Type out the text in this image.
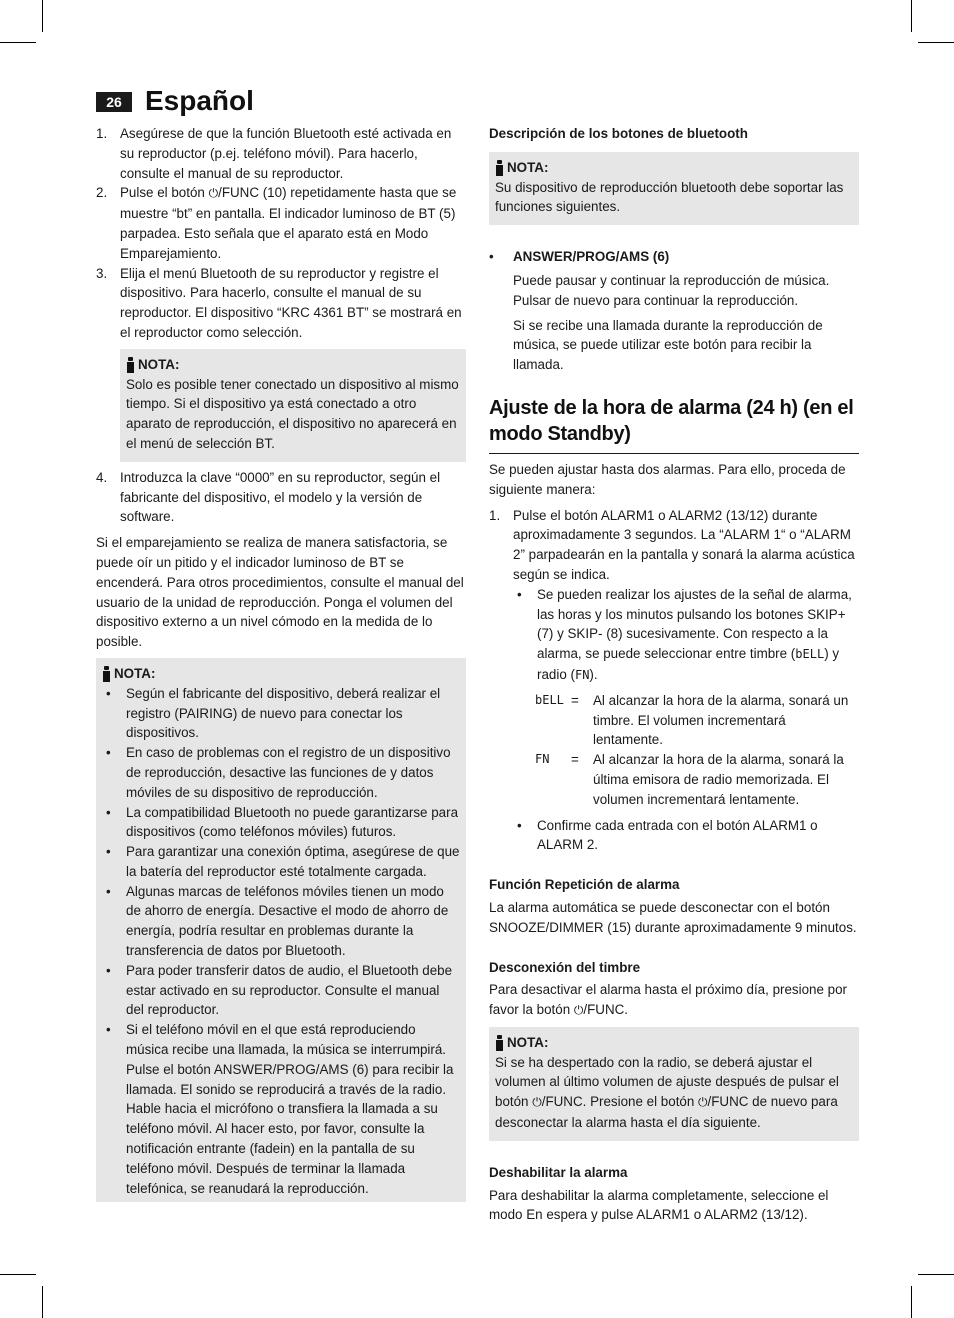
26 Español
1. Asegúrese de que la función Bluetooth esté activada en su reproductor (p.ej. teléfono móvil). Para hacerlo, consulte el manual de su reproductor.
2. Pulse el botón ⏻/FUNC (10) repetidamente hasta que se muestre “bt” en pantalla. El indicador luminoso de BT (5) parpadea. Esto señala que el aparato está en Modo Emparejamiento.
3. Elija el menú Bluetooth de su reproductor y registre el dispositivo. Para hacerlo, consulte el manual de su reproductor. El dispositivo “KRC 4361 BT” se mostrará en el reproductor como selección.
NOTA:

Solo es posible tener conectado un dispositivo al mismo tiempo. Si el dispositivo ya está conectado a otro aparato de reproducción, el dispositivo no aparecerá en el menú de selección BT.

4. Introduzca la clave “0000” en su reproductor, según el fabricante del dispositivo, el modelo y la versión de software.

Si el emparejamiento se realiza de manera satisfactoria, se puede oír un pitido y el indicador luminoso de BT se encenderá. Para otros procedimientos, consulte el manual del usuario de la unidad de reproducción. Ponga el volumen del dispositivo externo a un nivel cómodo en la medida de lo posible.

NOTA:
•	Según el fabricante del dispositivo, deberá realizar el registro (PAIRING) de nuevo para conectar los dispositivos.
•	En caso de problemas con el registro de un dispositivo de reproducción, desactive las funciones de y datos móviles de su dispositivo de reproducción.
•	La compatibilidad Bluetooth no puede garantizarse para dispositivos (como teléfonos móviles) futuros.
•	Para garantizar una conexión óptima, asegúrese de que la batería del reproductor esté totalmente cargada.
•	Algunas marcas de teléfonos móviles tienen un modo de ahorro de energía. Desactive el modo de ahorro de energía, podría resultar en problemas durante la transferencia de datos por Bluetooth.
•	Para poder transferir datos de audio, el Bluetooth debe estar activado en su reproductor. Consulte el manual del reproductor.
•	Si el teléfono móvil en el que está reproduciendo música recibe una llamada, la música se interrumpirá. Pulse el botón ANSWER/PROG/AMS (6) para recibir la llamada. El sonido se reproducirá a través de la radio. Hable hacia el micrófono o transfiera la llamada a su teléfono móvil. Al hacer esto, por favor, consulte la notificación entrante (fadein) en la pantalla de su teléfono móvil. Después de terminar la llamada telefónica, se reanudará la reproducción.

Descripción de los botones de bluetooth

NOTA:

Su dispositivo de reproducción bluetooth debe soportar las funciones siguientes.

•	ANSWER/PROG/AMS (6)

Puede pausar y continuar la reproducción de música. Pulsar de nuevo para continuar la reproducción.

Si se recibe una llamada durante la reproducción de música, se puede utilizar este botón para recibir la llamada.

Ajuste de la hora de alarma (24 h) (en el modo Standby)

Se pueden ajustar hasta dos alarmas. Para ello, proceda de siguiente manera:

1. Pulse el botón ALARM1 o ALARM2 (13/12) durante aproximadamente 3 segundos. La “ALARM 1“ o “ALARM 2” parpadearán en la pantalla y sonará la alarma acústica según se indica.
•	Se pueden realizar los ajustes de la señal de alarma, las horas y los minutos pulsando los botones SKIP+ (7) y SKIP- (8) sucesivamente. Con respecto a la alarma, se puede seleccionar entre timbre (bELL) y radio (FN).
bELL =	Al alcanzar la hora de la alarma, sonará un timbre. El volumen incrementará lentamente.
FN	=	Al alcanzar la hora de la alarma, sonará la última emisora de radio memorizada. El volumen incrementará lentamente.
•	Confirme cada entrada con el botón ALARM1 o ALARM 2.

Función Repetición de alarma

La alarma automática se puede desconectar con el botón SNOOZE/DIMMER (15) durante aproximadamente 9 minutos.

Desconexión del timbre

Para desactivar el alarma hasta el próximo día, presione por favor la botón ⏻/FUNC.

NOTA:

Si se ha despertado con la radio, se deberá ajustar el volumen al último volumen de ajuste después de pulsar el botón ⏻/FUNC. Presione el botón ⏻/FUNC de nuevo para desconectar la alarma hasta el día siguiente.

Deshabilitar la alarma

Para deshabilitar la alarma completamente, seleccione el modo En espera y pulse ALARM1 o ALARM2 (13/12).
